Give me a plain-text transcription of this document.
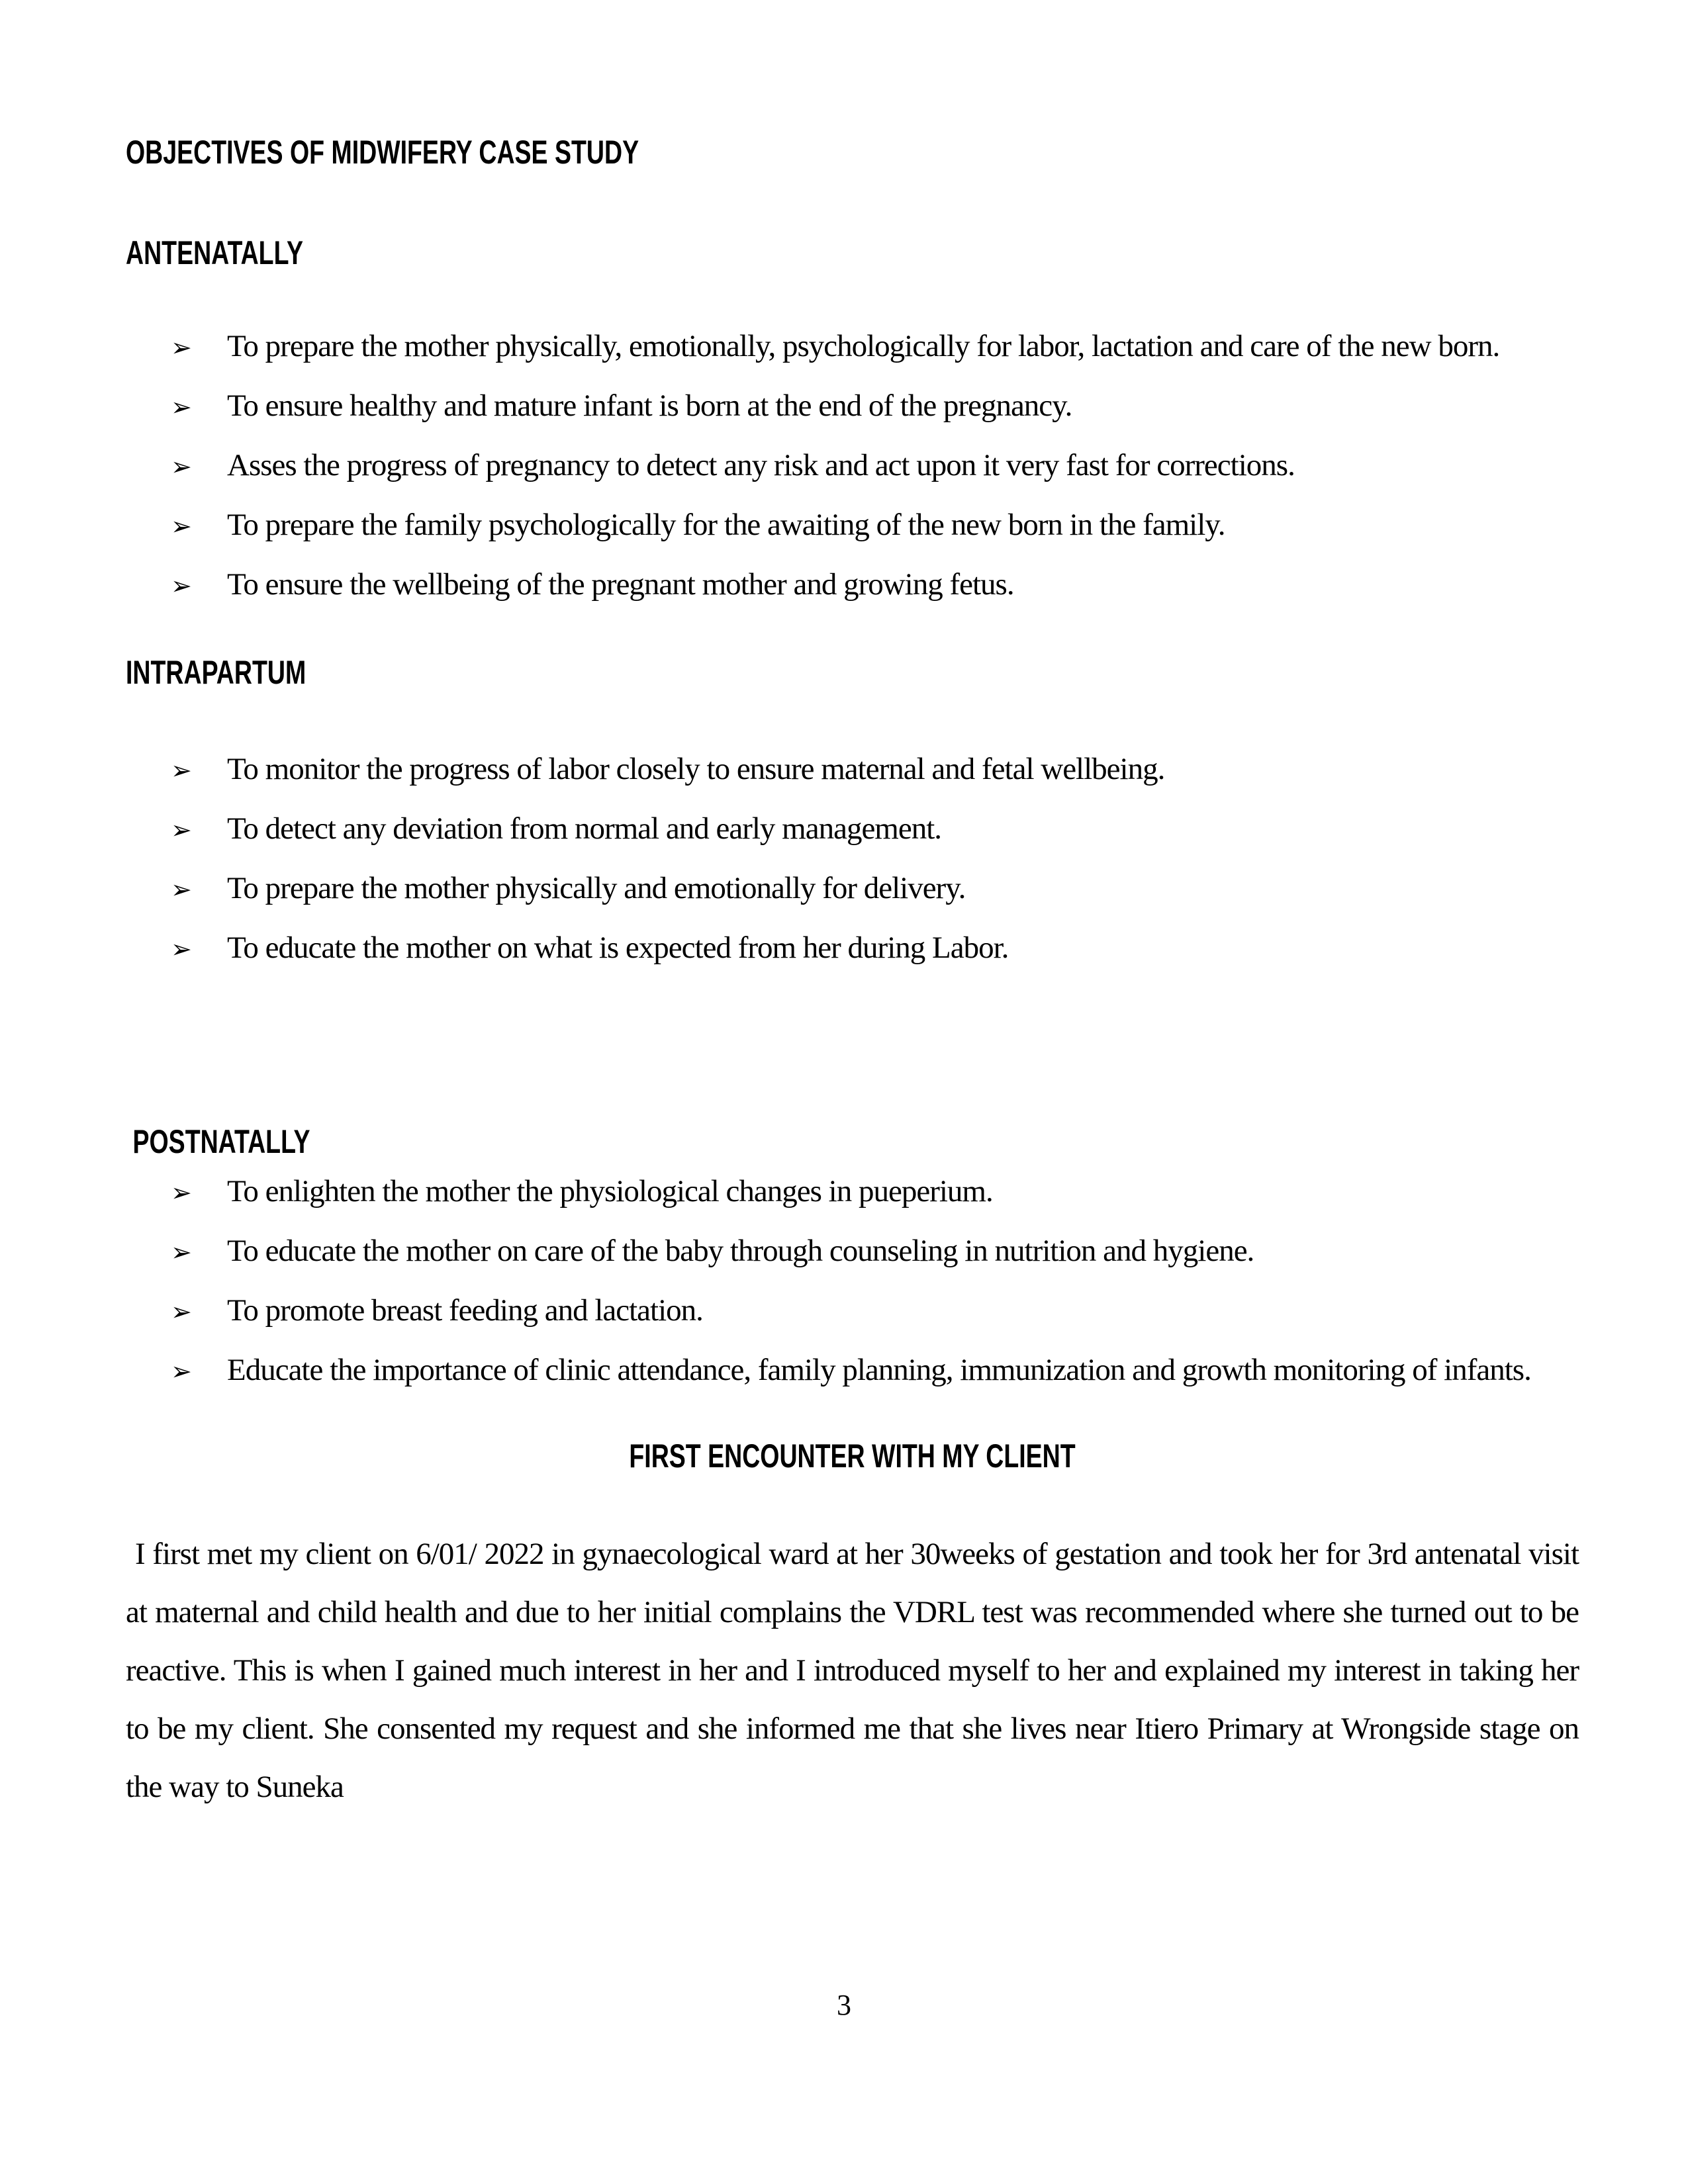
OBJECTIVES OF MIDWIFERY CASE STUDY
ANTENATALLY
➢	To prepare the mother physically, emotionally, psychologically for labor, lactation and care of the new born.
➢	To ensure healthy and mature infant is born at the end of the pregnancy.
➢	Asses the progress of pregnancy to detect any risk and act upon it very fast for corrections.
➢	To prepare the family psychologically for the awaiting of the new born in the family.
➢	To ensure the wellbeing of the pregnant mother and growing fetus.
INTRAPARTUM
➢	To monitor the progress of labor closely to ensure maternal and fetal wellbeing.
➢	To detect any deviation from normal and early management.
➢	To prepare the mother physically and emotionally for delivery.
➢	To educate the mother on what is expected from her during Labor.
POSTNATALLY
➢	To enlighten the mother the physiological changes in pueperium.
➢	To educate the mother on care of the baby through counseling in nutrition and hygiene.
➢	To promote breast feeding and lactation.
➢	Educate the importance of clinic attendance, family planning, immunization and growth monitoring of infants.
FIRST ENCOUNTER WITH MY CLIENT

I first met my client on 6/01/ 2022 in gynaecological ward at her 30weeks of gestation and took her for 3rd antenatal visit at maternal and child health and due to her initial complains the VDRL test was recommended where she turned out to be reactive. This is when I gained much interest in her and I introduced myself to her and explained my interest in taking her to be my client. She consented my request and she informed me that she lives near Itiero Primary at Wrongside stage on the way to Suneka

3
